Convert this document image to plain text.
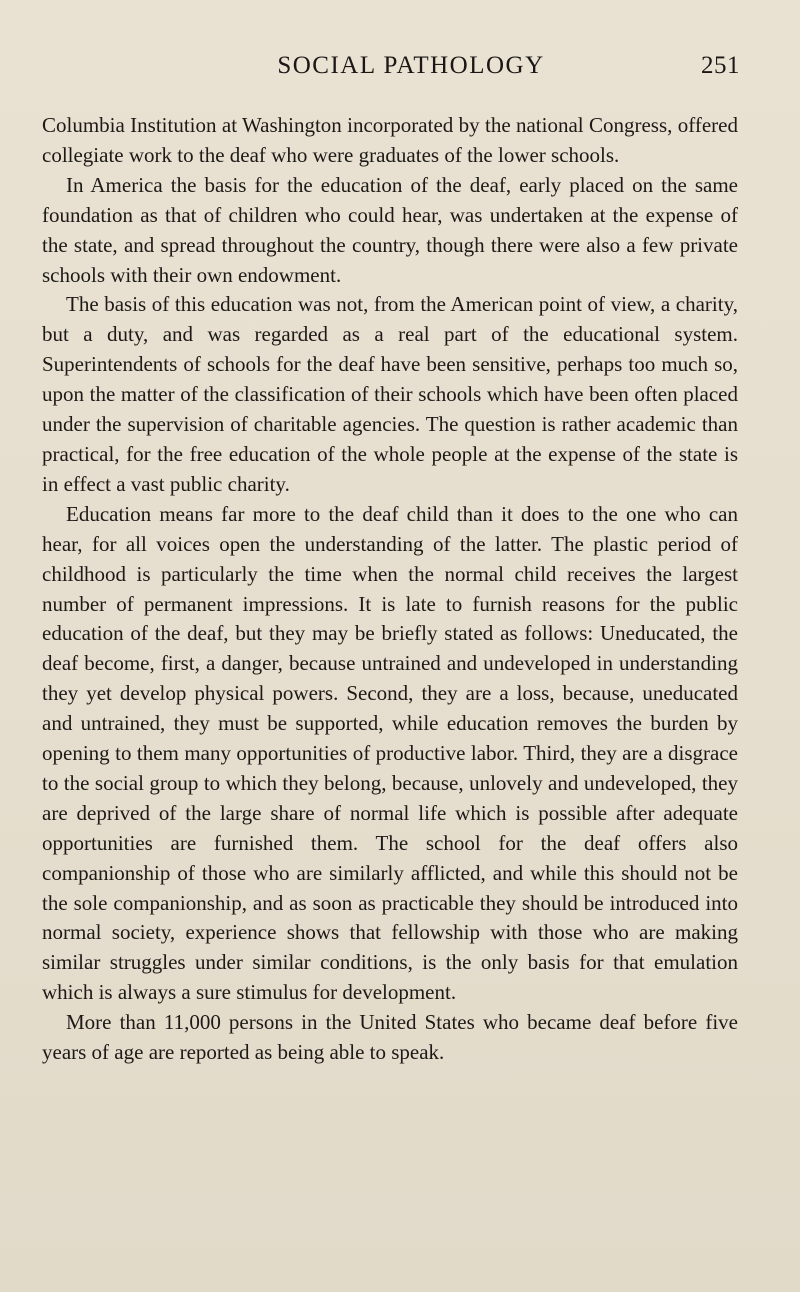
SOCIAL PATHOLOGY	251

Columbia Institution at Washington incorporated by the national Congress, offered collegiate work to the deaf who were graduates of the lower schools.

In America the basis for the education of the deaf, early placed on the same foundation as that of children who could hear, was undertaken at the expense of the state, and spread throughout the country, though there were also a few private schools with their own endowment.

The basis of this education was not, from the American point of view, a charity, but a duty, and was regarded as a real part of the educational system. Superintendents of schools for the deaf have been sensitive, perhaps too much so, upon the matter of the classification of their schools which have been often placed under the supervision of charitable agencies. The question is rather academic than practical, for the free education of the whole people at the expense of the state is in effect a vast public charity.

Education means far more to the deaf child than it does to the one who can hear, for all voices open the understanding of the latter. The plastic period of childhood is particularly the time when the normal child receives the largest number of permanent impressions. It is late to furnish reasons for the public education of the deaf, but they may be briefly stated as follows: Uneducated, the deaf become, first, a danger, because untrained and undeveloped in understanding they yet develop physical powers. Second, they are a loss, because, uneducated and untrained, they must be supported, while education removes the burden by opening to them many opportunities of productive labor. Third, they are a disgrace to the social group to which they belong, because, unlovely and undeveloped, they are deprived of the large share of normal life which is possible after adequate opportunities are furnished them. The school for the deaf offers also companionship of those who are similarly afflicted, and while this should not be the sole companionship, and as soon as practicable they should be introduced into normal society, experience shows that fellowship with those who are making similar struggles under similar conditions, is the only basis for that emulation which is always a sure stimulus for development.

More than 11,000 persons in the United States who became deaf before five years of age are reported as being able to speak.
